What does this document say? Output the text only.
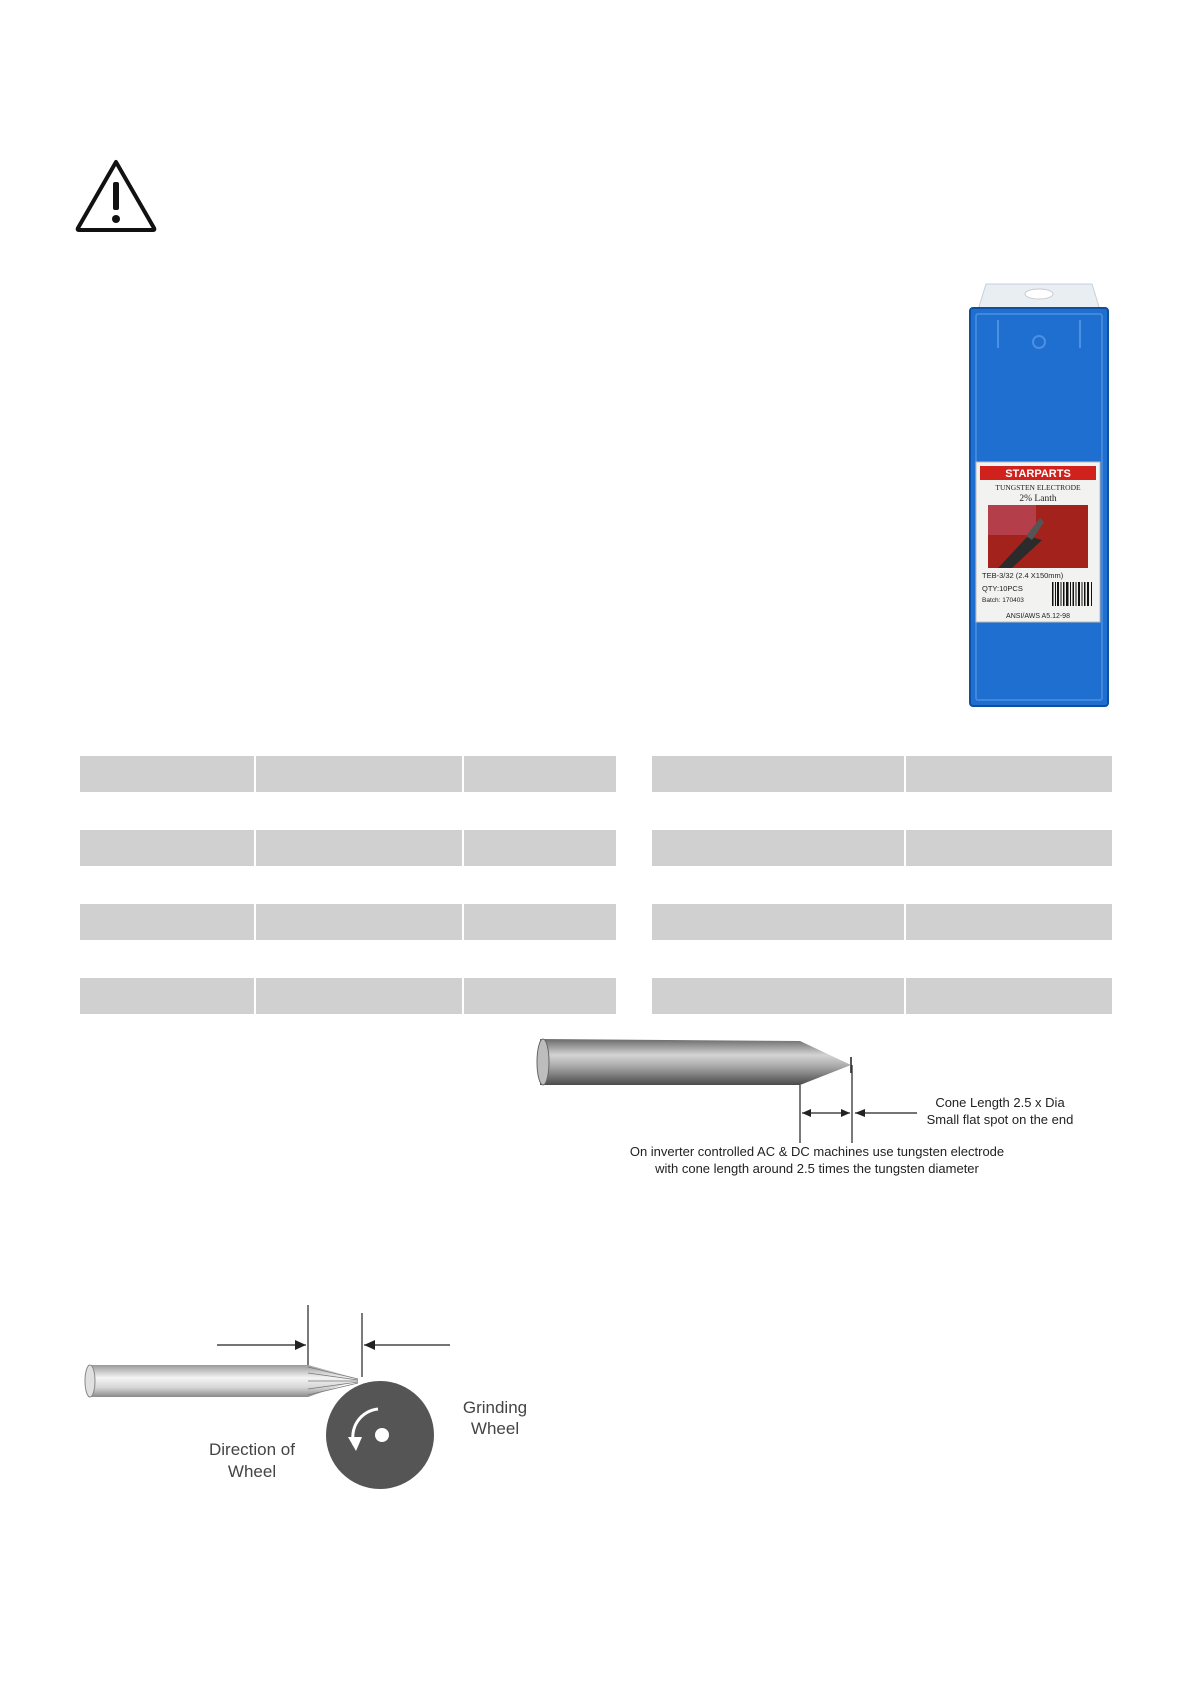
STARPARTS
TUNGSTEN ELECTRODE
2% Lanth
TEB-3/32 (2.4 X150mm)
QTY:10PCS
Batch: 170403
ANSI/AWS A5.12-98

Cone Length 2.5 x Dia
Small flat spot on the end
On inverter controlled AC & DC machines use tungsten electrode
with cone length around 2.5 times the tungsten diameter
Grinding
Wheel
Direction of
Wheel
